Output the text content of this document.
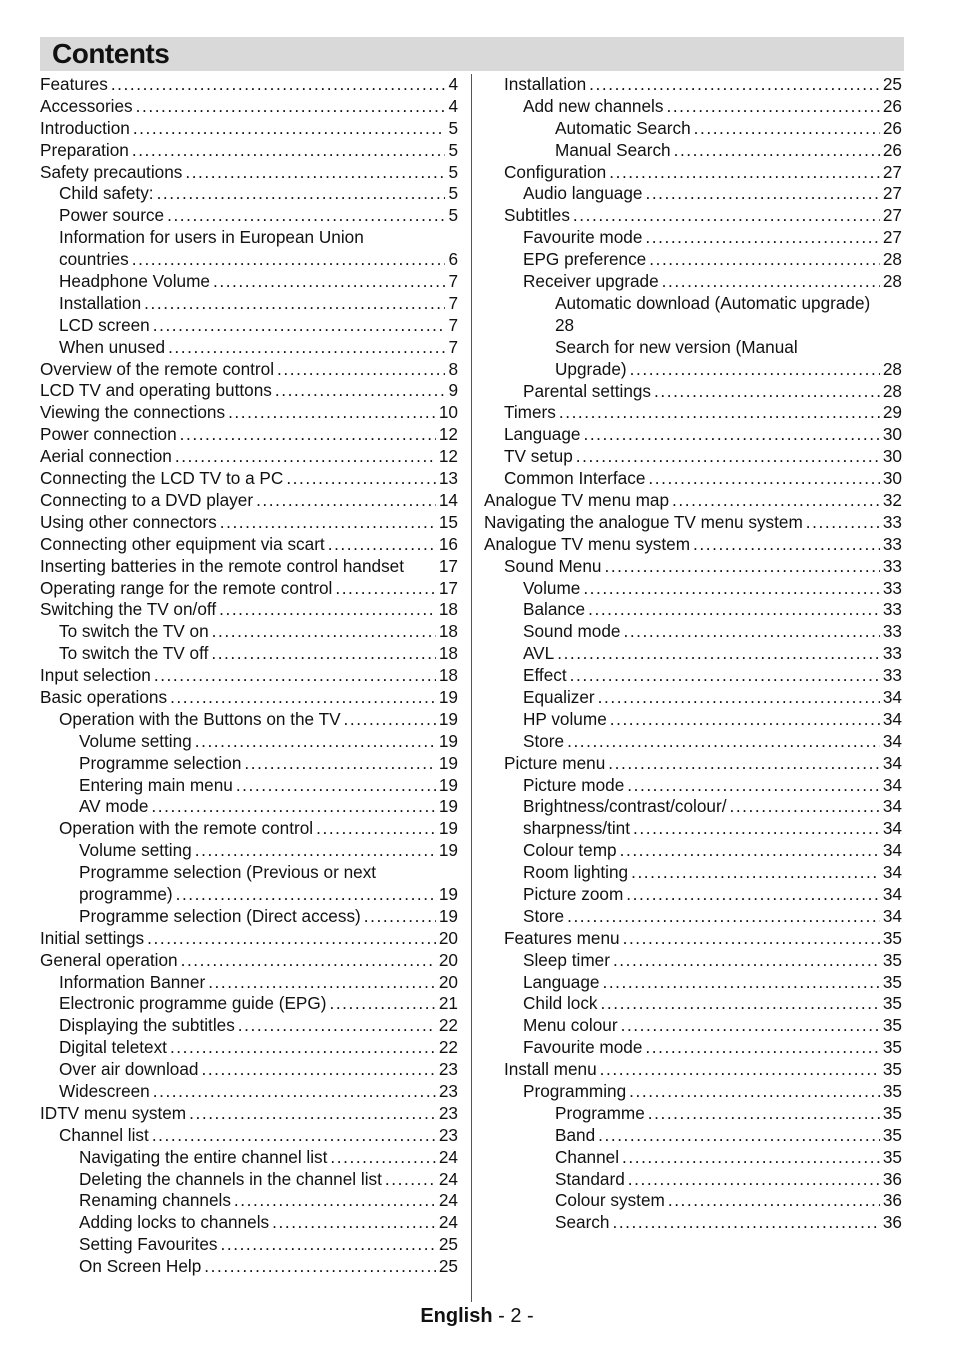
Contents
Features . . .	4
Accessories . . .	4
Introduction . . .	5
Preparation . . .	5
Safety precautions . . .	5
Child safety: . . .	5
Power source . . .	5
Information for users in European Union
countries . . .	6
Headphone Volume . . .	7
Installation . . .	7
LCD screen . . .	7
When unused . . .	7
Overview of the remote control . . .	8
LCD TV and operating buttons . . .	9
Viewing the connections . . .	10
Power connection . . .	12
Aerial connection . . .	12
Connecting the LCD TV to a PC . . .	13
Connecting to a DVD player . . .	14
Using other connectors . . .	15
Connecting other equipment via scart . . .	16
Inserting batteries in the remote control handset 17
Operating range for the remote control . . .	17
Switching the TV on/off . . .	18
To switch the TV on . . .	18
To switch the TV off . . .	18
Input selection . . .	18
Basic operations . . .	19
Operation with the Buttons on the TV . . .	19
Volume setting . . .	19
Programme selection . . .	19
Entering main menu . . .	19
AV mode . . .	19
Operation with the remote control . . .	19
Volume setting . . .	19
Programme selection (Previous or next
programme) . . .	19
Programme selection (Direct access) . . .	19
Initial settings . . .	20
General operation . . .	20
Information Banner . . .	20
Electronic programme guide (EPG) . . .	21
Displaying the subtitles . . .	22
Digital teletext . . .	22
Over air download . . .	23
Widescreen . . .	23
IDTV menu system . . .	23
Channel list . . .	23
Navigating the entire channel list . . .	24
Deleting the channels in the channel list . . .	24
Renaming channels . . .	24
Adding locks to channels . . .	24
Setting Favourites . . .	25
On Screen Help . . .	25
Installation . . .	25
Add new channels . . .	26
Automatic Search . . .	26
Manual Search . . .	26
Configuration . . .	27
Audio language . . .	27
Subtitles . . .	27
Favourite mode . . .	27
EPG preference . . .	28
Receiver upgrade . . .	28
Automatic download (Automatic upgrade)
28
Search for new version (Manual
Upgrade) . . .	28
Parental settings . . .	28
Timers . . .	29
Language . . .	30
TV setup . . .	30
Common Interface . . .	30
Analogue TV menu map . . .	32
Navigating the analogue TV menu system . . .	33
Analogue TV menu system . . .	33
Sound Menu . . .	33
Volume . . .	33
Balance . . .	33
Sound mode . . .	33
AVL . . .	33
Effect . . .	33
Equalizer . . .	34
HP volume . . .	34
Store . . .	34
Picture menu . . .	34
Picture mode . . .	34
Brightness/contrast/colour/ . . .	34
sharpness/tint . . .	34
Colour temp . . .	34
Room lighting . . .	34
Picture zoom . . .	34
Store . . .	34
Features menu . . .	35
Sleep timer . . .	35
Language . . .	35
Child lock . . .	35
Menu colour . . .	35
Favourite mode . . .	35
Install menu . . .	35
Programming . . .	35
Programme . . .	35
Band . . .	35
Channel . . .	35
Standard . . .	36
Colour system . . .	36
Search . . .	36
English - 2 -
